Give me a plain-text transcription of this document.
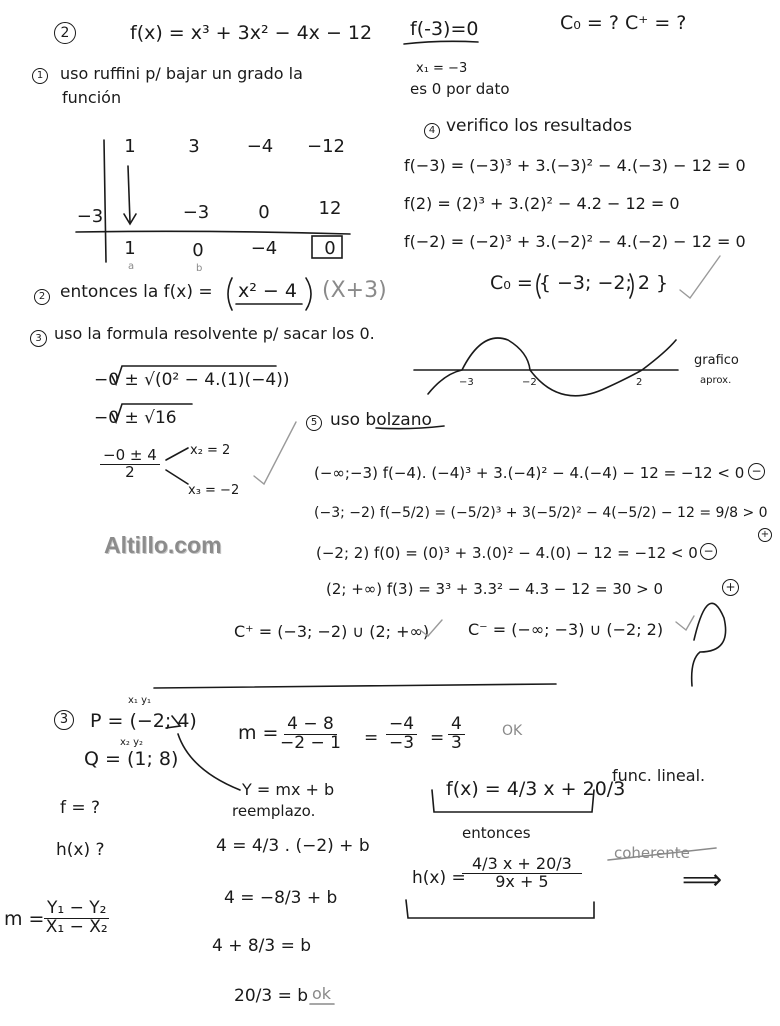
2	f(x) = x³ + 3x² − 4x − 12 f(-3)=0	C₀ = ? C⁺ = ?
x₁ = −3
es 0 por dato
1	uso ruffini p/ bajar un grado la
función
1	3	−4	−12
−3	−3	0	12
1	0	−4	0
a	b
2 entonces la f(x) = x² − 4 (X+3)
3 uso la formula resolvente p/ sacar los 0.
−0 ± √(0² − 4.(1)(−4))
−0 ± √16
$\frac{-0 \pm 4}{2} x_2 = 2$
x₃ = −2
4 verifico los resultados
f(−3) = (−3)³ + 3.(−3)² − 4.(−3) − 12 = 0
f(2) = (2)³ + 3.(2)² − 4.2 − 12 = 0
f(−2) = (−2)³ + 3.(−2)² − 4.(−2) − 12 = 0
C₀ = { −3; −2; 2 }
grafico
aprox.
−3	−2	2
5 uso bolzano
(−∞;−3) f(−4). (−4)³ + 3.(−4)² − 4.(−4) − 12 = −12 < 0 −
(−3; −2) f(−5/2) = (−5/2)³ + 3(−5/2)² − 4(−5/2) − 12 = 9/8 > 0
+
(−2; 2) f(0) = (0)³ + 3.(0)² − 4.(0) − 12 = −12 < 0 −
(2; +∞) f(3) = 3³ + 3.3² − 4.3 − 12 = 30 > 0	+
C⁺ = (−3; −2) ∪ (2; +∞) C⁻ = (−∞; −3) ∪ (−2; 2)
Altillo.com
3
x₁ y₁
P = (−2; 4)
x₂ y₂
Q = (1; 8)
f = ?
h(x) ?
$m = \frac{4 - 8}{-2 - 1} = \frac{-4}{-3} = \frac{4}{3}$	OK
Y = mx + b
reemplazo.
4 = 4/3 . (−2) + b
4 = −8/3 + b
4 + 8/3 = b
20/3 = b ok
f(x) = 4/3 x + 20/3
func. lineal.
entonces
h(x) =
$\frac{4/3 x + 20/3}{9x + 5}$
coherente
⟹
$m = \frac{\text{Y₁ − Y₂}}{\text{X₁ − X₂}}$
